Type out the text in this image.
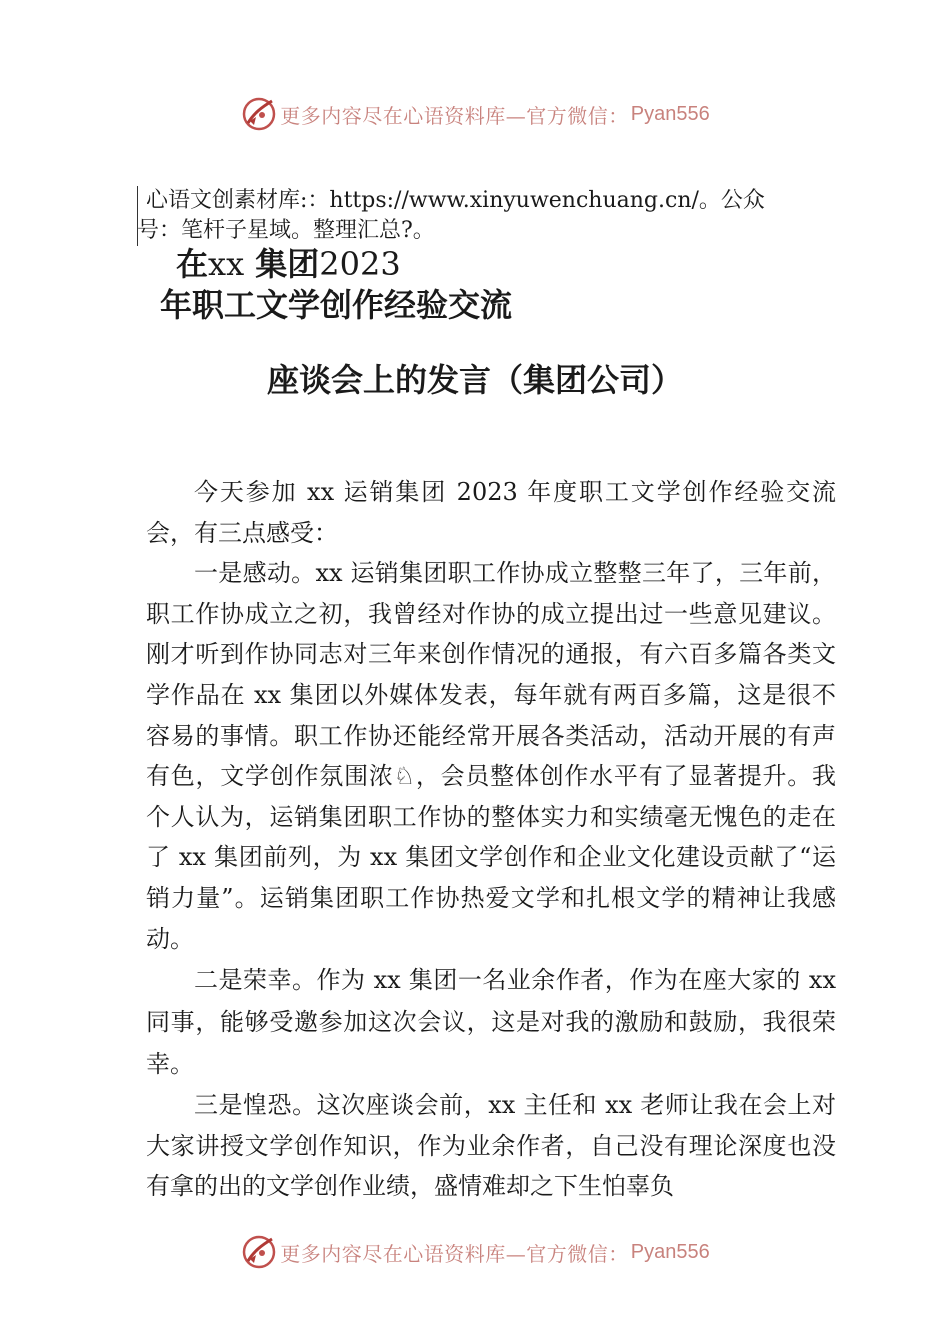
更多内容尽在心语资料库—官方微信： Pyan556
心语文创素材库:：https://www.xinyuwenchuang.cn/。公众
号：笔杆子星域。整理汇总?。
在xx 集团2023
年职工文学创作经验交流
座谈会上的发言（集团公司）

今天参加 xx 运销集团 2023 年度职工文学创作经验交流会，有三点感受：

一是感动。xx 运销集团职工作协成立整整三年了，三年前，职工作协成立之初，我曾经对作协的成立提出过一些意见建议。刚才听到作协同志对三年来创作情况的通报，有六百多篇各类文学作品在 xx 集团以外媒体发表，每年就有两百多篇，这是很不容易的事情。职工作协还能经常开展各类活动，活动开展的有声有色，文学创作氛围浓♘，会员整体创作水平有了显著提升。我个人认为，运销集团职工作协的整体实力和实绩毫无愧色的走在了 xx 集团前列，为 xx 集团文学创作和企业文化建设贡献了“运销力量”。运销集团职工作协热爱文学和扎根文学的精神让我感动。

二是荣幸。作为 xx 集团一名业余作者，作为在座大家的 xx 同事，能够受邀参加这次会议，这是对我的激励和鼓励，我很荣幸。

三是惶恐。这次座谈会前，xx 主任和 xx 老师让我在会上对大家讲授文学创作知识，作为业余作者，自己没有理论深度也没有拿的出的文学创作业绩，盛情难却之下生怕辜负

更多内容尽在心语资料库—官方微信： Pyan556
